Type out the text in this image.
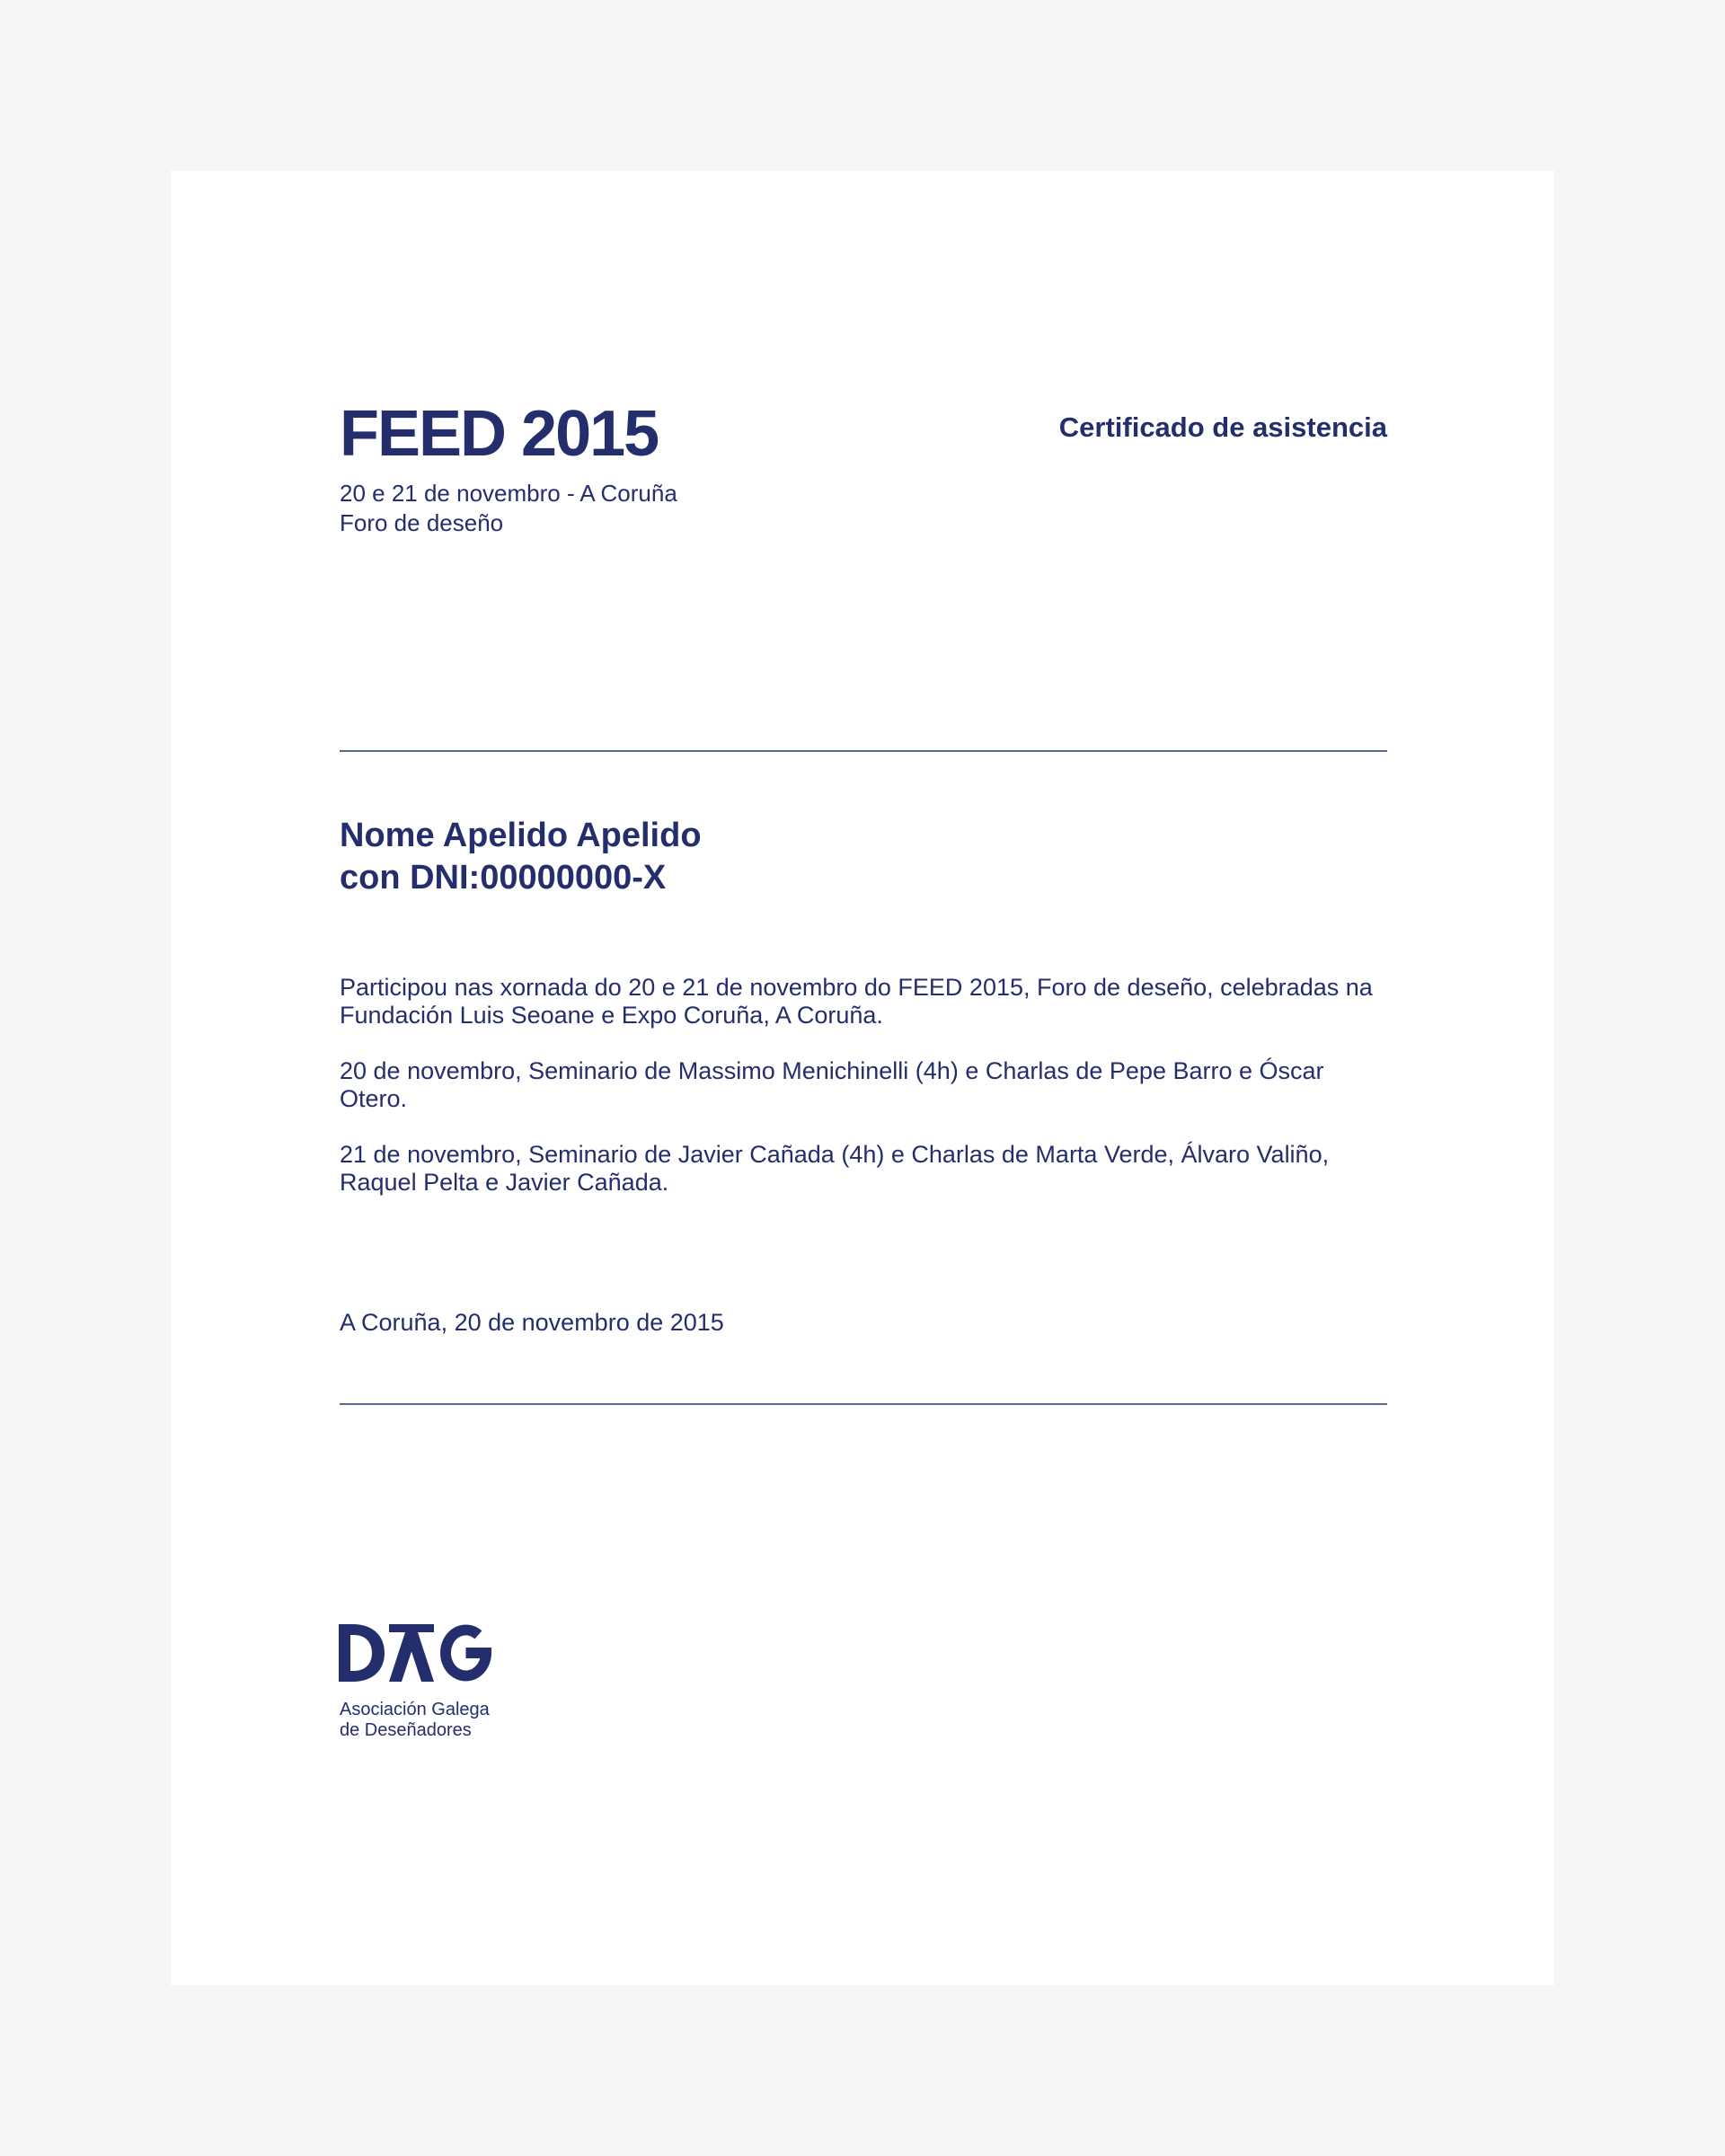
FEED 2015
20 e 21 de novembro - A Coruña
Foro de deseño
Certificado de asistencia
Nome Apelido Apelido
con DNI:00000000-X

Participou nas xornada do 20 e 21 de novembro do FEED 2015, Foro de deseño, celebradas na Fundación Luis Seoane e Expo Coruña, A Coruña.

20 de novembro, Seminario de Massimo Menichinelli (4h) e Charlas de Pepe Barro e Óscar Otero.

21 de novembro, Seminario de Javier Cañada (4h) e Charlas de Marta Verde, Álvaro Valiño, Raquel Pelta e Javier Cañada.

A Coruña, 20 de novembro de 2015
Asociación Galega
de Deseñadores
